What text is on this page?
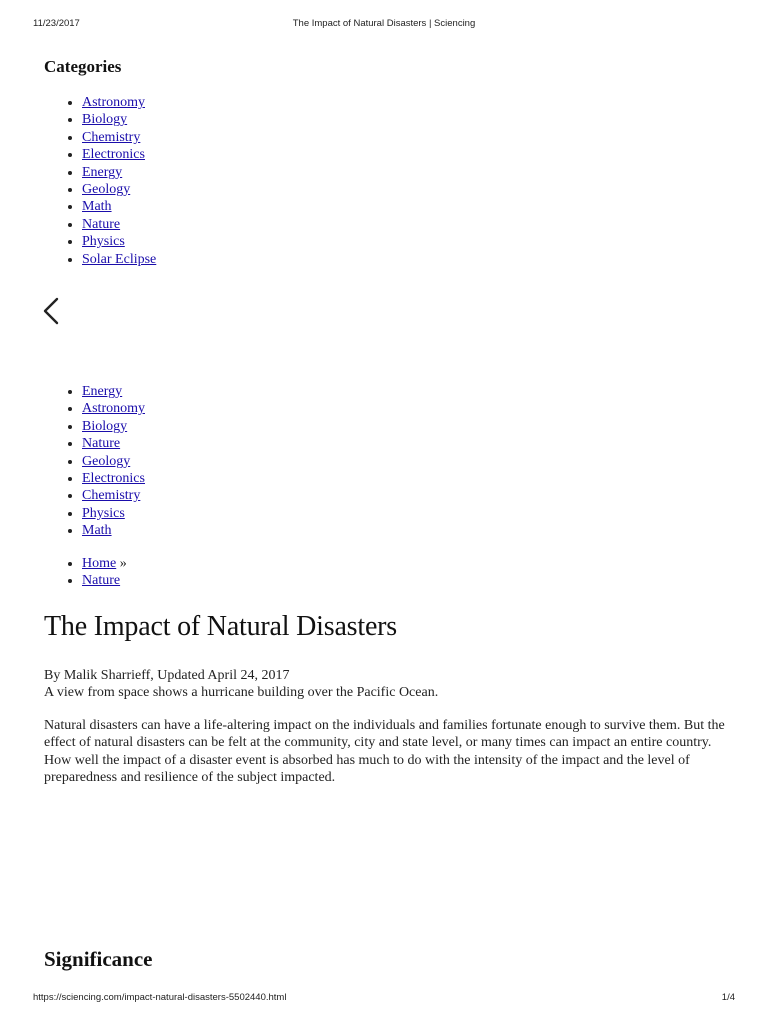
11/23/2017	The Impact of Natural Disasters | Sciencing
Categories
• Astronomy
• Biology
• Chemistry
• Electronics
• Energy
• Geology
• Math
• Nature
• Physics
• Solar Eclipse
• Energy
• Astronomy
• Biology
• Nature
• Geology
• Electronics
• Chemistry
• Physics
• Math
• Home »
• Nature
The Impact of Natural Disasters

By Malik Sharrieff, Updated April 24, 2017

A view from space shows a hurricane building over the Pacific Ocean.

Natural disasters can have a life-altering impact on the individuals and families fortunate enough to survive them. But the effect of natural disasters can be felt at the community, city and state level, or many times can impact an entire country. How well the impact of a disaster event is absorbed has much to do with the intensity of the impact and the level of preparedness and resilience of the subject impacted.

Significance
https://sciencing.com/impact-natural-disasters-5502440.html	1/4
